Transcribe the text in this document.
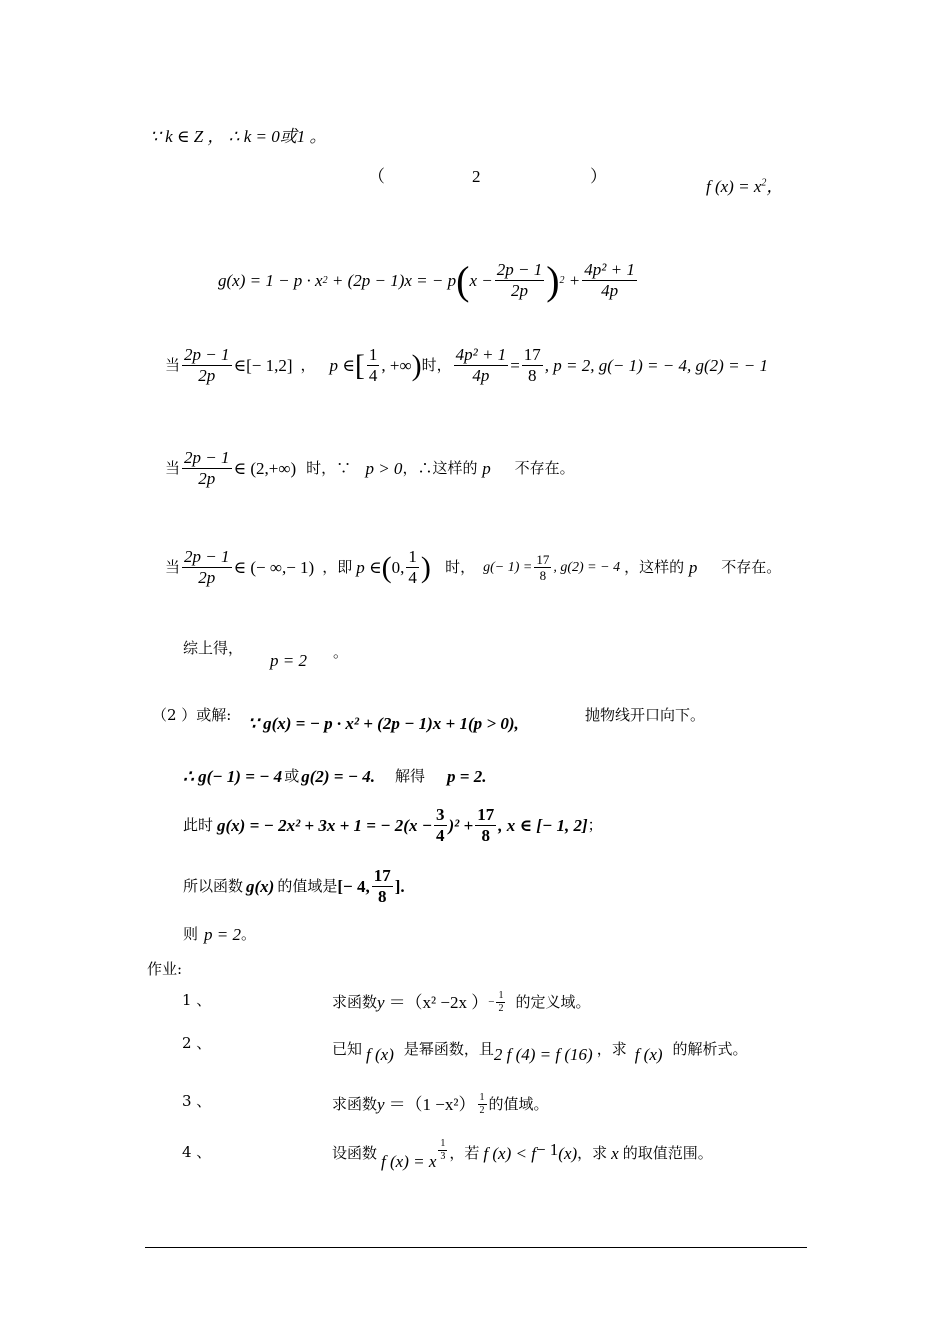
∵ k ∈ Z ， ∴ k = 0或1 。
（	2	）
f $(x) = x^2$，
g(x) = 1 − p · x 2
+ (2p − 1)x = − p ( $x - \frac{2p - 1}{2p}$ ) 2
+ $\frac{\text{4p² + 1}}{4p}$
当 $\frac{2p - 1}{2p}$ ∈ [− 1,2] ， p ∈ [ $\frac{1}{4}$ , +∞ ) 时， $\frac{\text{4p² + 1}}{4p} = \frac{17}{8}$ , p = 2, g(− 1) = − 4, g(2) = − 1
当 $\frac{2p - 1}{2p}$ ∈ (2,+∞) 时，∵
p > 0 ，∴这样的
p
不存在。
当 $\frac{2p - 1}{2p}$ ∈ (− ∞,− 1) ，即 p ∈ ( 0, $\frac{1}{4}$ )
时， $g(- 1) = \frac{17}{8}$ , g(2) = − 4 ，这样的
p
不存在。
综上得，
p = 2 。
（2 ）或解: ∵ g(x) = − p · x² + (2p − 1)x + 1(p > 0),	抛物线开口向下。
∴ g(− 1) = − 4 或 g(2) = − 4. 解得 p = 2.
此时 g(x) = − 2x² + 3x + 1 = − $2(x - \frac{3}{4} )^2 + \frac{17}{8}$ , x ∈ [− 1, 2] ；
所以函数 g(x) 的值域是 [− 4, $\frac{17}{8}$ ].
则 p = 2 。
作业:
1 、	求函数 y ＝（x² −2x ） − $\frac{1}{2}$ 的定义域。
2 、	已知 f (x) 是幂函数，且 2 f (4) = f (16) ，求 f (x) 的解析式。
3 、	求函数 $y =(1 -x^2) \frac{1}{2}$ 的值域。
4 、	设函数 f (x) = x $\frac{1}{3}$ ，若 f (x) < f − 1 (x) ，求 x 的取值范围。
